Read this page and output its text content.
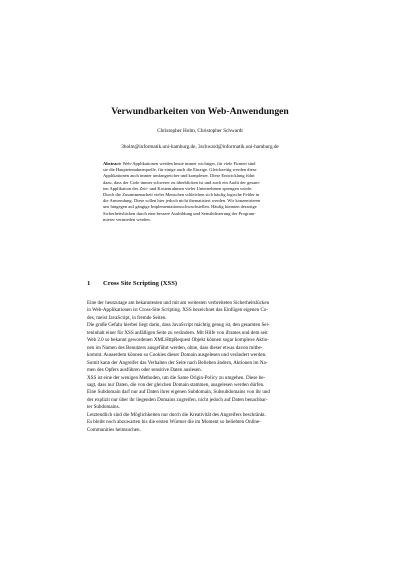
Verwundbarkeiten von Web-Anwendungen
Christopher Holm, Christopher Schwardt
3holm@informatik.uni-hamburg.de, 3schward@informatik.uni-hamburg.de

Abstract: Web-Applikationen werden heute immer wichtiger, für viele Firmen sind

sie die Haupteinnahmequelle, für einige auch die Einzige. Gleichzeitig werden diese

Applikationen auch immer umfangreicher und komplexer. Diese Entwicklung führt

dazu, dass der Code immer schwerer zu überblicken ist und auch ein Audit der gesam-

ten Applikation des Zeit- und Kostenrahmen vieler Unternehmen sprengen würde.

Durch die Zusammenarbeit vieler Menschen schleichen sich häufig logische Fehler in

die Anwendung. Diese sollen hier jedoch nicht thematisiert werden. Wir konzentrieren

uns hingegen auf gängige Implementationsschwachstellen. Häufig könnten derartige

Sicherheitslücken durch eine bessere Ausbildung und Sensibilisierung der Program-

mierer vermieden werden.

1 Cross Site Scripting (XSS)

Eine der heutzutage am bekanntesten und mit am weitesten verbreiteten Sicherheitslücken

in Web-Applikationen ist Cross-Site Scripting. XSS bezeichnet das Einfügen eigenen Co-

des, meist JavaScript, in fremde Seiten.

Die große Gefahr hierbei liegt darin, dass JavaScript mächtig genug ist, den gesamten Sei-

teninhalt einer für XSS anfälligen Seite zu verändern. Mit Hilfe von iframes und dem seit

Web 2.0 so bekannt gewordenen XMLHttpRequest Objekt können sogar komplexe Aktio-

nen im Namen des Benutzers ausgeführt werden, ohne, dass dieser etwas davon mitbe-

kommt. Ausserdem können so Cookies dieser Domain ausgelesen und verändert werden.

Somit kann der Angreifer das Verhalten der Seite nach Belieben ändern, Aktionen im Na-

men des Opfers ausführen oder sensitive Daten auslesen.

XSS ist eine der wenigen Methoden, um die Same Origin-Policy zu umgehen. Diese be-

sagt, dass nur Daten, die von der gleichen Domain stammen, ausgelesen werden dürfen.

Eine Subdomain darf nur auf Daten ihrer eigenen Subdomain, Subsubdomains von ihr und

der explizit nur über ihr liegenden Domains zugreifen, nicht jedoch auf Daten benachbar-

ter Subdomains.

Letztendlich sind die Möglichkeiten nur durch die Kreativität des Angreifers beschränkt.

Es bleibt noch abzuwarten bis die ersten Würmer die im Moment so beliebten Online-

Communities heimsuchen.
